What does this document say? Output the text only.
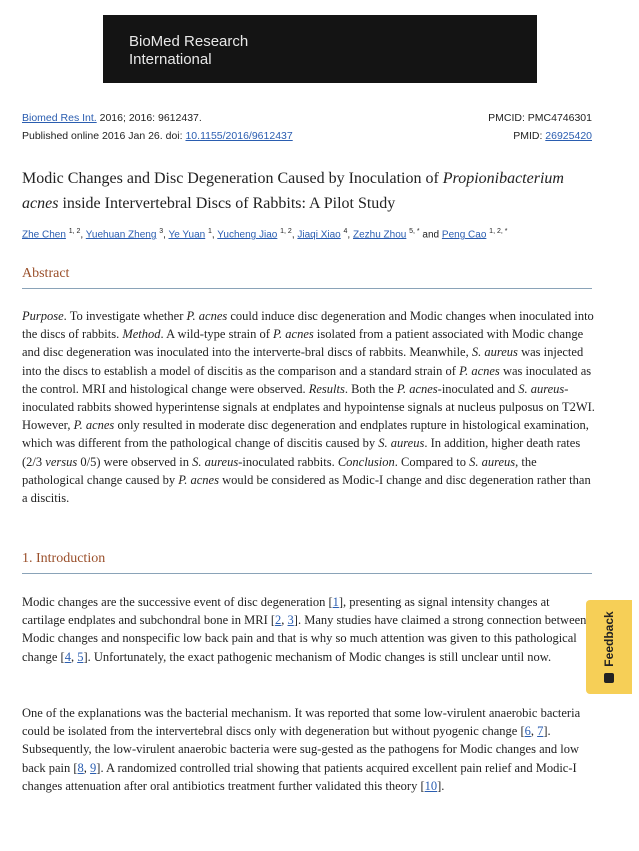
BioMed Research
International
Biomed Res Int. 2016; 2016: 9612437.	PMCID: PMC4746301
Published online 2016 Jan 26. doi: 10.1155/2016/9612437	PMID: 26925420
Modic Changes and Disc Degeneration Caused by Inoculation of Propionibacterium acnes inside Intervertebral Discs of Rabbits: A Pilot Study
Zhe Chen $^{1, 2}$, Yuehuan Zheng $^3$, Ye Yuan $^1$, Yucheng Jiao $^{1, 2}$, Jiaqi Xiao $^4$, Zezhu Zhou $^{5, *}$ and Peng Cao $^{1, 2, *}$
Abstract
Purpose. To investigate whether P. acnes could induce disc degeneration and Modic changes when inoculated into the discs of rabbits. Method. A wild-type strain of P. acnes isolated from a patient associated with Modic change and disc degeneration was inoculated into the interverte-bral discs of rabbits. Meanwhile, S. aureus was injected into the discs to establish a model of discitis as the comparison and a standard strain of P. acnes was inoculated as the control. MRI and histological change were observed. Results. Both the P. acnes-inoculated and S. aureus-inoculated rabbits showed hyperintense signals at endplates and hypointense signals at nucleus pulposus on T2WI. However, P. acnes only resulted in moderate disc degeneration and endplates rupture in histological examination, which was different from the pathological change of discitis caused by S. aureus. In addition, higher death rates (2/3 versus 0/5) were observed in S. aureus-inoculated rabbits. Conclusion. Compared to S. aureus, the pathological change caused by P. acnes would be considered as Modic-I change and disc degeneration rather than a discitis.
1. Introduction
Modic changes are the successive event of disc degeneration [1], presenting as signal intensity changes at cartilage endplates and subchondral bone in MRI [2, 3]. Many studies have claimed a strong connection between Modic changes and nonspecific low back pain and that is why so much attention was given to this pathological change [4, 5]. Unfortunately, the exact pathogenic mechanism of Modic changes is still unclear until now.
One of the explanations was the bacterial mechanism. It was reported that some low-virulent anaerobic bacteria could be isolated from the intervertebral discs only with degeneration but without pyogenic change [6, 7]. Subsequently, the low-virulent anaerobic bacteria were sug-gested as the pathogens for Modic changes and low back pain [8, 9]. A randomized controlled trial showing that patients acquired excellent pain relief and Modic-I changes attenuation after oral antibiotics treatment further validated this theory [10].
Feedback
